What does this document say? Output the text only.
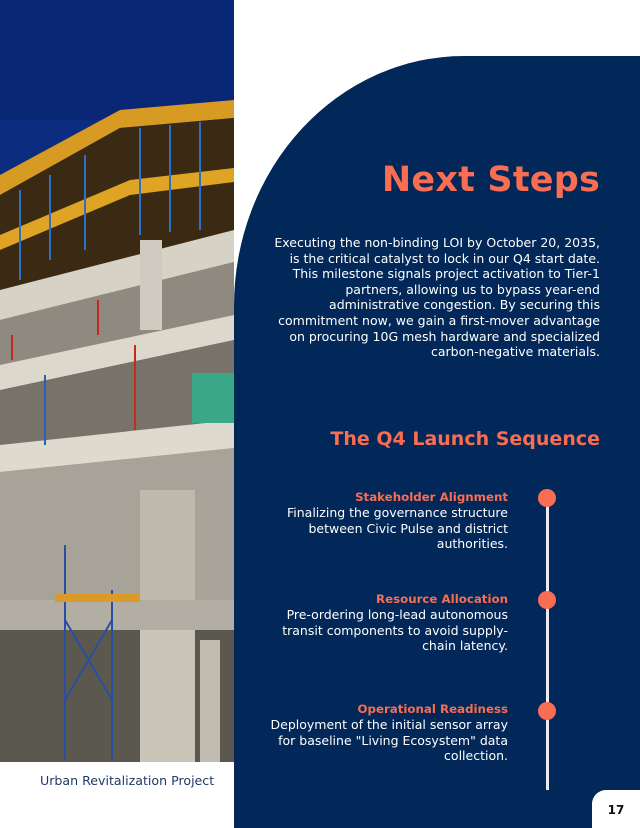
Next Steps

Executing the non-binding LOI by October 20, 2035, is the critical catalyst to lock in our Q4 start date. This milestone signals project activation to Tier-1 partners, allowing us to bypass year-end administrative congestion. By securing this commitment now, we gain a first-mover advantage on procuring 10G mesh hardware and specialized carbon-negative materials.

The Q4 Launch Sequence
Stakeholder Alignment
Finalizing the governance structure between Civic Pulse and district authorities.
Resource Allocation
Pre-ordering long-lead autonomous transit components to avoid supply-chain latency.
Operational Readiness
Deployment of the initial sensor array for baseline "Living Ecosystem" data collection.
Urban Revitalization Project
17
